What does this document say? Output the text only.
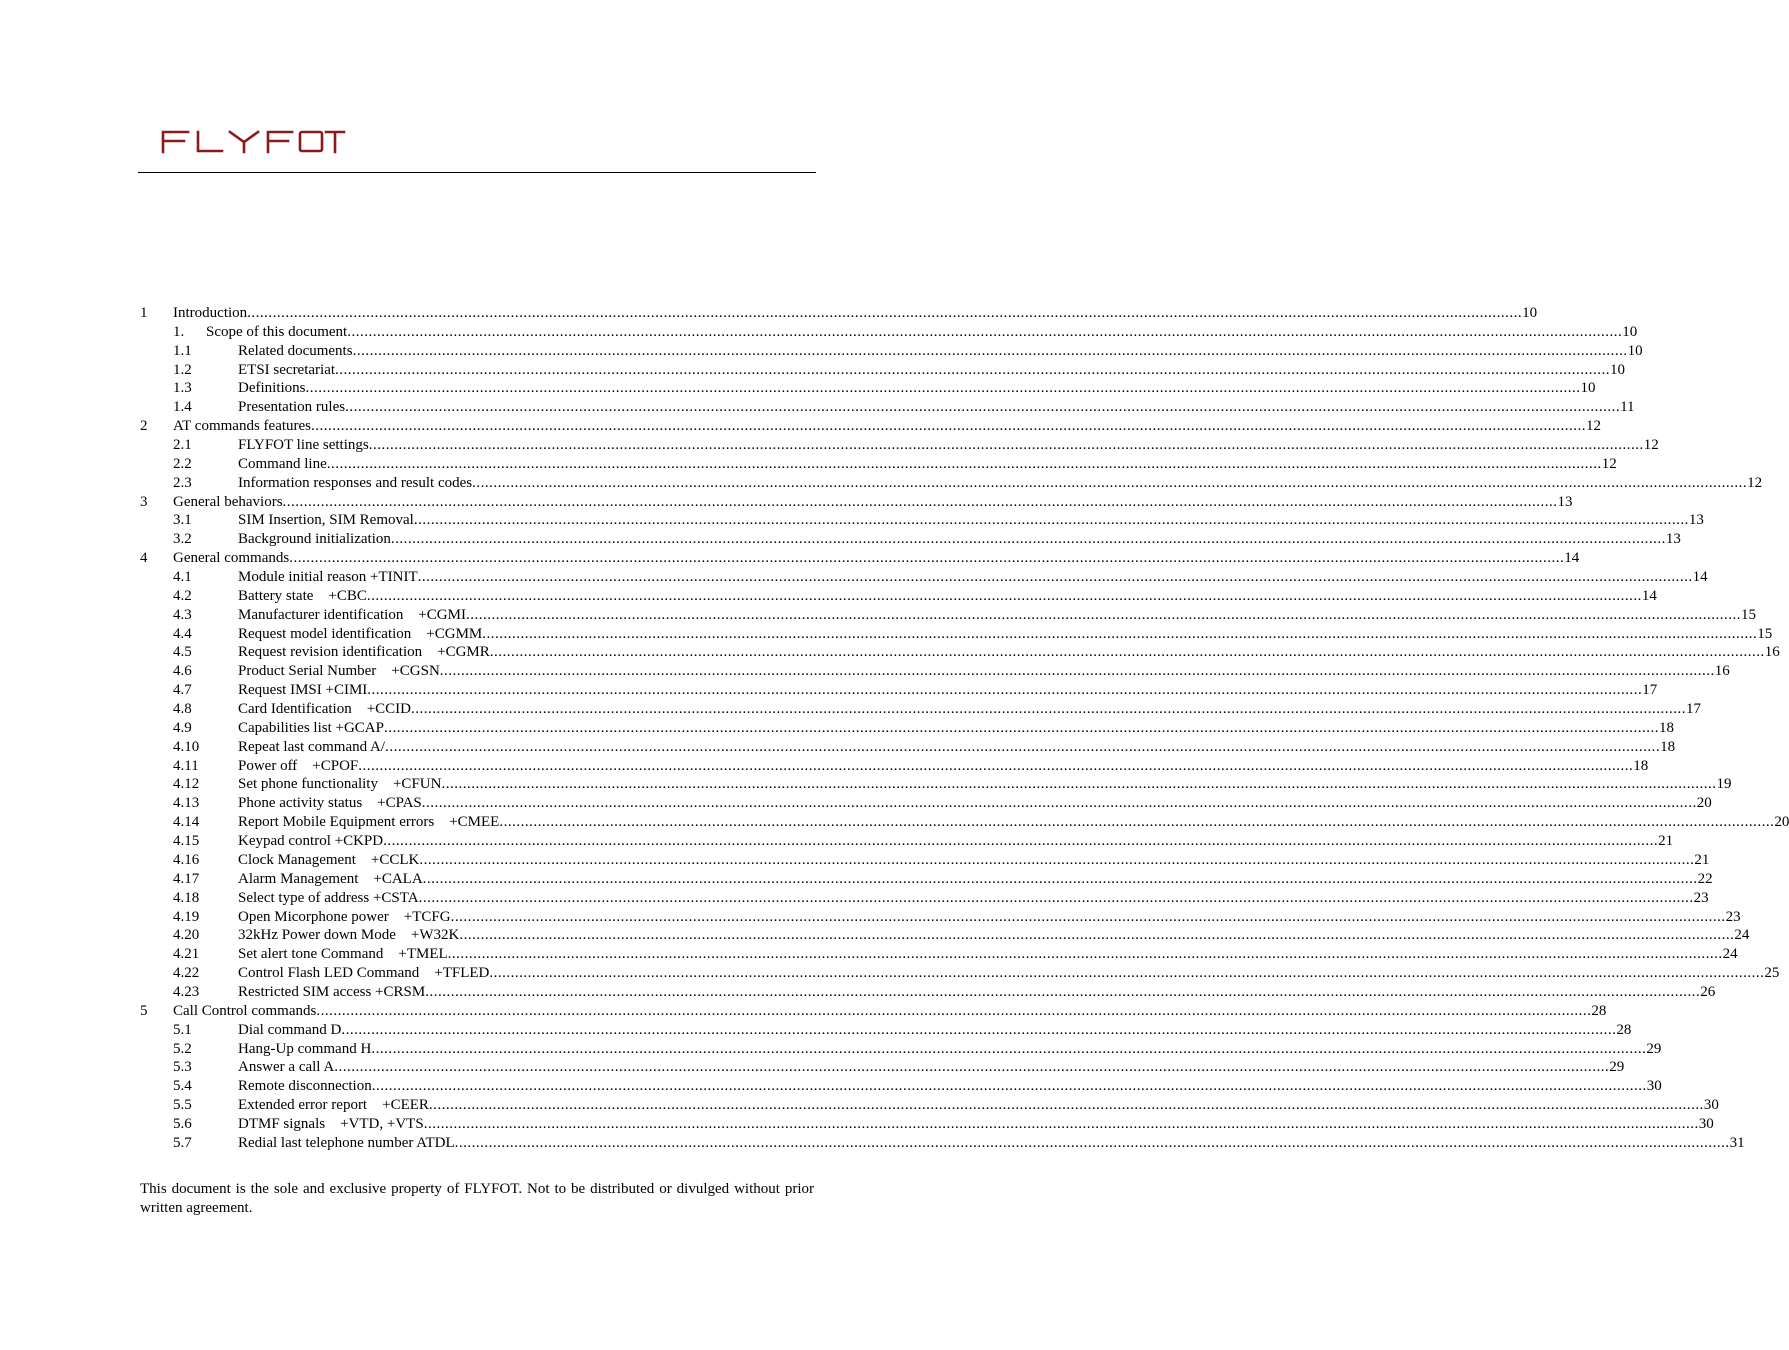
1 Introduction ............................................................................................................................................................................................................................................................................................................ 10
1. Scope of this document ............................................................................................................................................................................................................................................................................................................ 10
1.1	Related documents ............................................................................................................................................................................................................................................................................................................ 10
1.2	ETSI secretariat ............................................................................................................................................................................................................................................................................................................ 10
1.3	Definitions ............................................................................................................................................................................................................................................................................................................ 10
1.4	Presentation rules ............................................................................................................................................................................................................................................................................................................ 11
2 AT commands features ............................................................................................................................................................................................................................................................................................................ 12
2.1	FLYFOT line settings ............................................................................................................................................................................................................................................................................................................ 12
2.2	Command line ............................................................................................................................................................................................................................................................................................................ 12
2.3	Information responses and result codes ............................................................................................................................................................................................................................................................................................................ 12
3 General behaviors ............................................................................................................................................................................................................................................................................................................ 13
3.1	SIM Insertion, SIM Removal ............................................................................................................................................................................................................................................................................................................ 13
3.2	Background initialization ............................................................................................................................................................................................................................................................................................................ 13
4 General commands ............................................................................................................................................................................................................................................................................................................ 14
4.1	Module initial reason +TINIT ............................................................................................................................................................................................................................................................................................................ 14
4.2	Battery state    +CBC ............................................................................................................................................................................................................................................................................................................ 14
4.3	Manufacturer identification    +CGMI ............................................................................................................................................................................................................................................................................................................ 15
4.4	Request model identification    +CGMM ............................................................................................................................................................................................................................................................................................................ 15
4.5	Request revision identification    +CGMR ............................................................................................................................................................................................................................................................................................................ 16
4.6	Product Serial Number    +CGSN ............................................................................................................................................................................................................................................................................................................ 16
4.7	Request IMSI +CIMI ............................................................................................................................................................................................................................................................................................................ 17
4.8	Card Identification    +CCID ............................................................................................................................................................................................................................................................................................................ 17
4.9	Capabilities list +GCAP ............................................................................................................................................................................................................................................................................................................ 18
4.10	Repeat last command A/ ............................................................................................................................................................................................................................................................................................................ 18
4.11	Power off    +CPOF ............................................................................................................................................................................................................................................................................................................ 18
4.12	Set phone functionality    +CFUN ............................................................................................................................................................................................................................................................................................................ 19
4.13	Phone activity status    +CPAS ............................................................................................................................................................................................................................................................................................................ 20
4.14	Report Mobile Equipment errors    +CMEE ............................................................................................................................................................................................................................................................................................................ 20
4.15	Keypad control +CKPD ............................................................................................................................................................................................................................................................................................................ 21
4.16	Clock Management    +CCLK ............................................................................................................................................................................................................................................................................................................ 21
4.17	Alarm Management    +CALA ............................................................................................................................................................................................................................................................................................................ 22
4.18	Select type of address +CSTA ............................................................................................................................................................................................................................................................................................................ 23
4.19	Open Micorphone power    +TCFG ............................................................................................................................................................................................................................................................................................................ 23
4.20	32kHz Power down Mode    +W32K ............................................................................................................................................................................................................................................................................................................ 24
4.21	Set alert tone Command    +TMEL ............................................................................................................................................................................................................................................................................................................ 24
4.22	Control Flash LED Command    +TFLED ............................................................................................................................................................................................................................................................................................................ 25
4.23	Restricted SIM access +CRSM ............................................................................................................................................................................................................................................................................................................ 26
5 Call Control commands ............................................................................................................................................................................................................................................................................................................ 28
5.1	Dial command D ............................................................................................................................................................................................................................................................................................................ 28
5.2	Hang-Up command H ............................................................................................................................................................................................................................................................................................................ 29
5.3	Answer a call A ............................................................................................................................................................................................................................................................................................................ 29
5.4	Remote disconnection ............................................................................................................................................................................................................................................................................................................ 30
5.5	Extended error report    +CEER ............................................................................................................................................................................................................................................................................................................ 30
5.6	DTMF signals    +VTD, +VTS ............................................................................................................................................................................................................................................................................................................ 30
5.7	Redial last telephone number ATDL ............................................................................................................................................................................................................................................................................................................ 31
This document is the sole and exclusive property of FLYFOT. Not to be distributed or divulged without prior written agreement.
